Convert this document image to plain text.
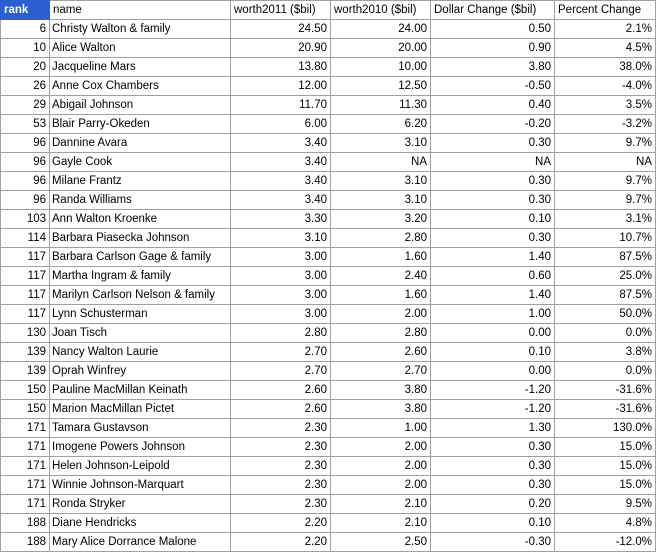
rank	name	worth2011 ($bil)	worth2010 ($bil)	Dollar Change ($bil)	Percent Change
6	Christy Walton & family	24.50	24.00	0.50	2.1%
10	Alice Walton	20.90	20.00	0.90	4.5%
20	Jacqueline Mars	13.80	10.00	3.80	38.0%
26	Anne Cox Chambers	12.00	12.50	-0.50	-4.0%
29	Abigail Johnson	11.70	11.30	0.40	3.5%
53	Blair Parry-Okeden	6.00	6.20	-0.20	-3.2%
96	Dannine Avara	3.40	3.10	0.30	9.7%
96	Gayle Cook	3.40	NA	NA	NA
96	Milane Frantz	3.40	3.10	0.30	9.7%
96	Randa Williams	3.40	3.10	0.30	9.7%
103	Ann Walton Kroenke	3.30	3.20	0.10	3.1%
114	Barbara Piasecka Johnson	3.10	2.80	0.30	10.7%
117	Barbara Carlson Gage & family	3.00	1.60	1.40	87.5%
117	Martha Ingram & family	3.00	2.40	0.60	25.0%
117	Marilyn Carlson Nelson & family	3.00	1.60	1.40	87.5%
117	Lynn Schusterman	3.00	2.00	1.00	50.0%
130	Joan Tisch	2.80	2.80	0.00	0.0%
139	Nancy Walton Laurie	2.70	2.60	0.10	3.8%
139	Oprah Winfrey	2.70	2.70	0.00	0.0%
150	Pauline MacMillan Keinath	2.60	3.80	-1.20	-31.6%
150	Marion MacMillan Pictet	2.60	3.80	-1.20	-31.6%
171	Tamara Gustavson	2.30	1.00	1.30	130.0%
171	Imogene Powers Johnson	2.30	2.00	0.30	15.0%
171	Helen Johnson-Leipold	2.30	2.00	0.30	15.0%
171	Winnie Johnson-Marquart	2.30	2.00	0.30	15.0%
171	Ronda Stryker	2.30	2.10	0.20	9.5%
188	Diane Hendricks	2.20	2.10	0.10	4.8%
188	Mary Alice Dorrance Malone	2.20	2.50	-0.30	-12.0%
